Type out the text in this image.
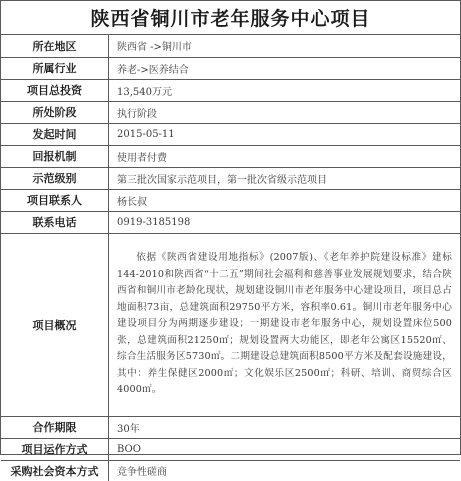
陕西省铜川市老年服务中心项目
所在地区	陕西省 ->铜川市
所属行业	养老->医养结合
项目总投资	13,540万元
所处阶段	执行阶段
发起时间	2015-05-11
回报机制	使用者付费
示范级别	第三批次国家示范项目，第一批次省级示范项目
项目联系人	杨长叔
联系电话	0919-3185198
项目概况	依据《陕西省建设用地指标》(2007版)、《老年养护院建设标准》建标144-2010和陕西省“十二五”期间社会福利和慈善事业发展规划要求，结合陕西省和铜川市老龄化现状，规划建设铜川市老年服务中心建设项目，项目总占地面积73亩，总建筑面积29750平方米，容积率0.61。铜川市老年服务中心建设项目分为两期逐步建设；一期建设市老年服务中心，规划设置床位500张，总建筑面积21250㎡；规划设置两大功能区，即老年公寓区15520㎡、综合生活服务区5730㎡。二期建设总建筑面积8500平方米及配套设施建设，其中：养生保健区2000㎡；文化娱乐区2500㎡；科研、培训、商贸综合区4000㎡。
合作期限	30年
项目运作方式	BOO
采购社会资本方式	竞争性磋商
